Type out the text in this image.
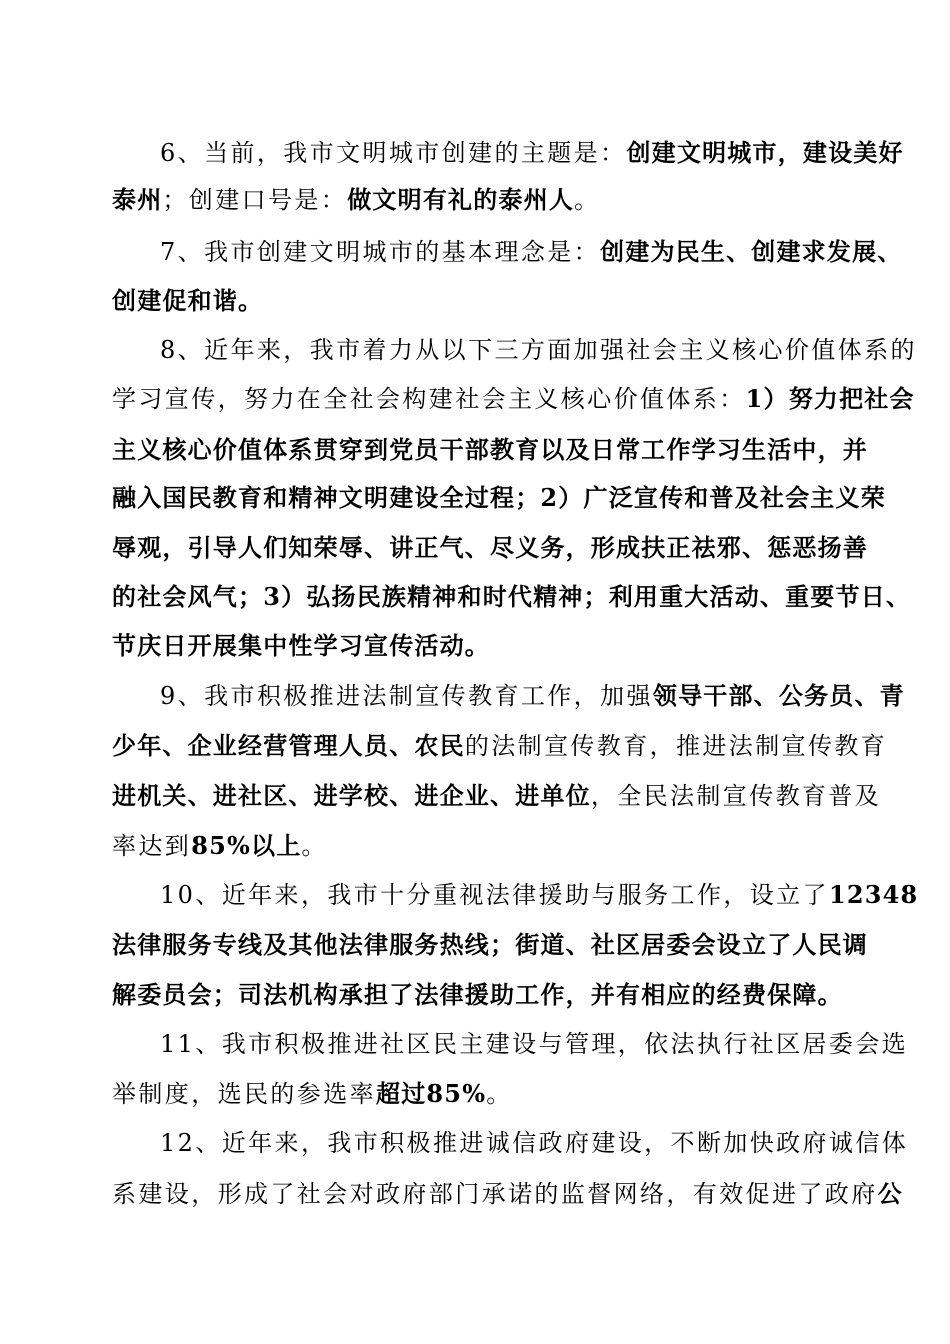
6、当前，我市文明城市创建的主题是：创建文明城市，建设美好
泰州；创建口号是：做文明有礼的泰州人。
7、我市创建文明城市的基本理念是：创建为民生、创建求发展、
创建促和谐。
8、近年来，我市着力从以下三方面加强社会主义核心价值体系的
学习宣传，努力在全社会构建社会主义核心价值体系：1）努力把社会
主义核心价值体系贯穿到党员干部教育以及日常工作学习生活中，并
融入国民教育和精神文明建设全过程；2）广泛宣传和普及社会主义荣
辱观，引导人们知荣辱、讲正气、尽义务，形成扶正祛邪、惩恶扬善
的社会风气；3）弘扬民族精神和时代精神；利用重大活动、重要节日、
节庆日开展集中性学习宣传活动。
9、我市积极推进法制宣传教育工作，加强领导干部、公务员、青
少年、企业经营管理人员、农民的法制宣传教育，推进法制宣传教育
进机关、进社区、进学校、进企业、进单位，全民法制宣传教育普及
率达到85%以上。
10、近年来，我市十分重视法律援助与服务工作，设立了12348
法律服务专线及其他法律服务热线；街道、社区居委会设立了人民调
解委员会；司法机构承担了法律援助工作，并有相应的经费保障。
11、我市积极推进社区民主建设与管理，依法执行社区居委会选
举制度，选民的参选率超过85%。
12、近年来，我市积极推进诚信政府建设，不断加快政府诚信体
系建设，形成了社会对政府部门承诺的监督网络，有效促进了政府公
